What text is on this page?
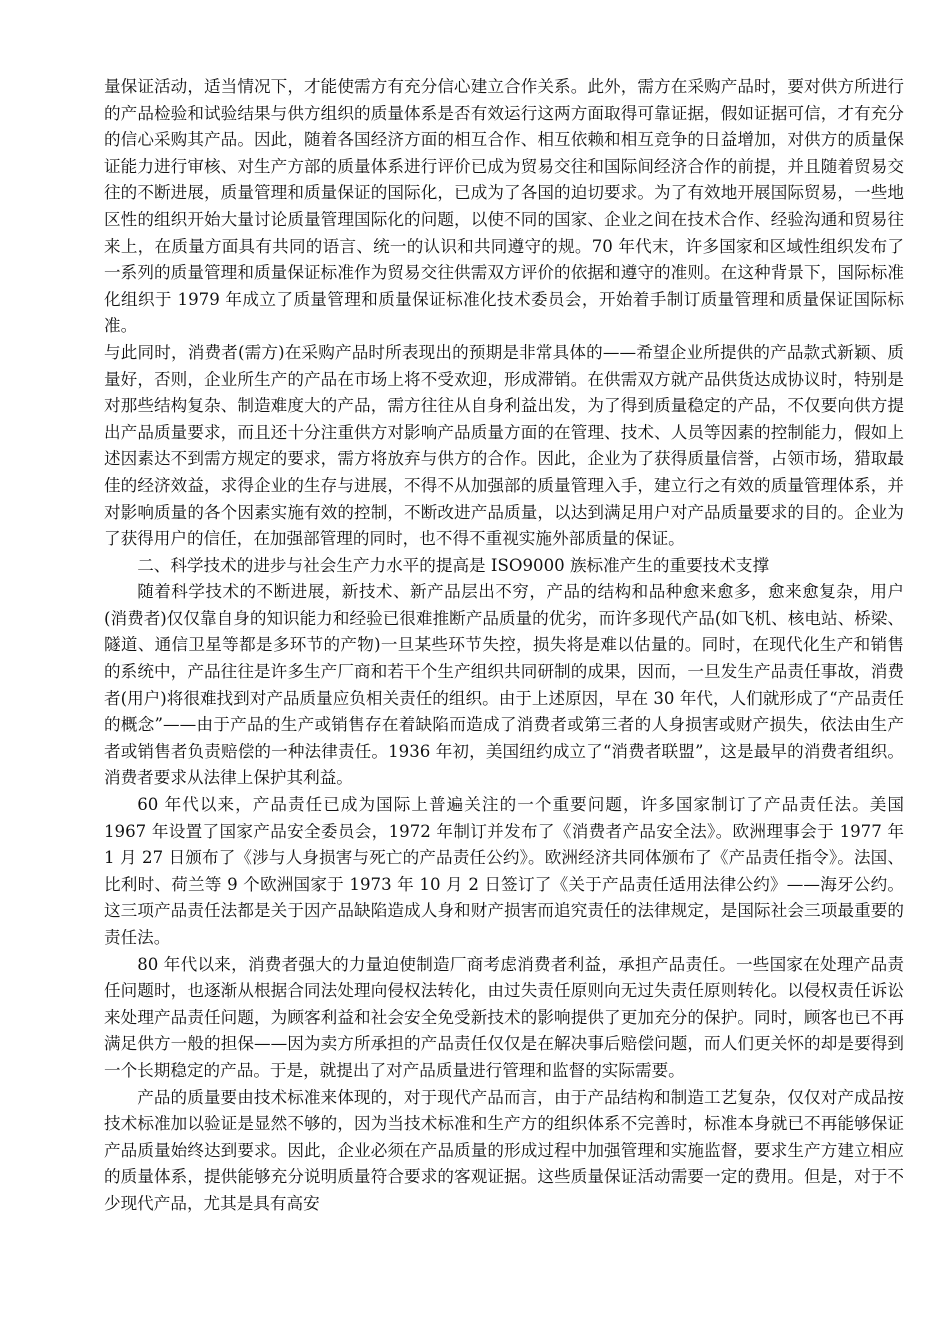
量保证活动，适当情况下，才能使需方有充分信心建立合作关系。此外，需方在采购产品时，要对供方所进行的产品检验和试验结果与供方组织的质量体系是否有效运行这两方面取得可靠证据，假如证据可信，才有充分的信心采购其产品。因此，随着各国经济方面的相互合作、相互依赖和相互竞争的日益增加，对供方的质量保证能力进行审核、对生产方部的质量体系进行评价已成为贸易交往和国际间经济合作的前提，并且随着贸易交往的不断进展，质量管理和质量保证的国际化，已成为了各国的迫切要求。为了有效地开展国际贸易，一些地区性的组织开始大量讨论质量管理国际化的问题，以使不同的国家、企业之间在技术合作、经验沟通和贸易往来上，在质量方面具有共同的语言、统一的认识和共同遵守的规。70 年代末，许多国家和区域性组织发布了一系列的质量管理和质量保证标准作为贸易交往供需双方评价的依据和遵守的准则。在这种背景下，国际标准化组织于 1979 年成立了质量管理和质量保证标准化技术委员会，开始着手制订质量管理和质量保证国际标准。

与此同时，消费者(需方)在采购产品时所表现出的预期是非常具体的——希望企业所提供的产品款式新颖、质量好，否则，企业所生产的产品在市场上将不受欢迎，形成滞销。在供需双方就产品供货达成协议时，特别是对那些结构复杂、制造难度大的产品，需方往往从自身利益出发，为了得到质量稳定的产品，不仅要向供方提出产品质量要求，而且还十分注重供方对影响产品质量方面的在管理、技术、人员等因素的控制能力，假如上述因素达不到需方规定的要求，需方将放弃与供方的合作。因此，企业为了获得质量信誉，占领市场，猎取最佳的经济效益，求得企业的生存与进展，不得不从加强部的质量管理入手，建立行之有效的质量管理体系，并对影响质量的各个因素实施有效的控制，不断改进产品质量，以达到满足用户对产品质量要求的目的。企业为了获得用户的信任，在加强部管理的同时，也不得不重视实施外部质量的保证。

二、科学技术的进步与社会生产力水平的提高是 ISO9000 族标准产生的重要技术支撑

随着科学技术的不断进展，新技术、新产品层出不穷，产品的结构和品种愈来愈多，愈来愈复杂，用户(消费者)仅仅靠自身的知识能力和经验已很难推断产品质量的优劣，而许多现代产品(如飞机、核电站、桥梁、隧道、通信卫星等都是多环节的产物)一旦某些环节失控，损失将是难以估量的。同时，在现代化生产和销售的系统中，产品往往是许多生产厂商和若干个生产组织共同研制的成果，因而，一旦发生产品责任事故，消费者(用户)将很难找到对产品质量应负相关责任的组织。由于上述原因，早在 30 年代，人们就形成了“产品责任的概念”——由于产品的生产或销售存在着缺陷而造成了消费者或第三者的人身损害或财产损失，依法由生产者或销售者负责赔偿的一种法律责任。1936 年初，美国纽约成立了“消费者联盟”，这是最早的消费者组织。消费者要求从法律上保护其利益。

60 年代以来，产品责任已成为国际上普遍关注的一个重要问题，许多国家制订了产品责任法。美国 1967 年设置了国家产品安全委员会，1972 年制订并发布了《消费者产品安全法》。欧洲理事会于 1977 年 1 月 27 日颁布了《涉与人身损害与死亡的产品责任公约》。欧洲经济共同体颁布了《产品责任指令》。法国、比利时、荷兰等 9 个欧洲国家于 1973 年 10 月 2 日签订了《关于产品责任适用法律公约》——海牙公约。这三项产品责任法都是关于因产品缺陷造成人身和财产损害而追究责任的法律规定，是国际社会三项最重要的责任法。

80 年代以来，消费者强大的力量迫使制造厂商考虑消费者利益，承担产品责任。一些国家在处理产品责任问题时，也逐渐从根据合同法处理向侵权法转化，由过失责任原则向无过失责任原则转化。以侵权责任诉讼来处理产品责任问题，为顾客利益和社会安全免受新技术的影响提供了更加充分的保护。同时，顾客也已不再满足供方一般的担保——因为卖方所承担的产品责任仅仅是在解决事后赔偿问题，而人们更关怀的却是要得到一个长期稳定的产品。于是，就提出了对产品质量进行管理和监督的实际需要。

产品的质量要由技术标准来体现的，对于现代产品而言，由于产品结构和制造工艺复杂，仅仅对产成品按技术标准加以验证是显然不够的，因为当技术标准和生产方的组织体系不完善时，标准本身就已不再能够保证产品质量始终达到要求。因此，企业必须在产品质量的形成过程中加强管理和实施监督，要求生产方建立相应的质量体系，提供能够充分说明质量符合要求的客观证据。这些质量保证活动需要一定的费用。但是，对于不少现代产品，尤其是具有高安
